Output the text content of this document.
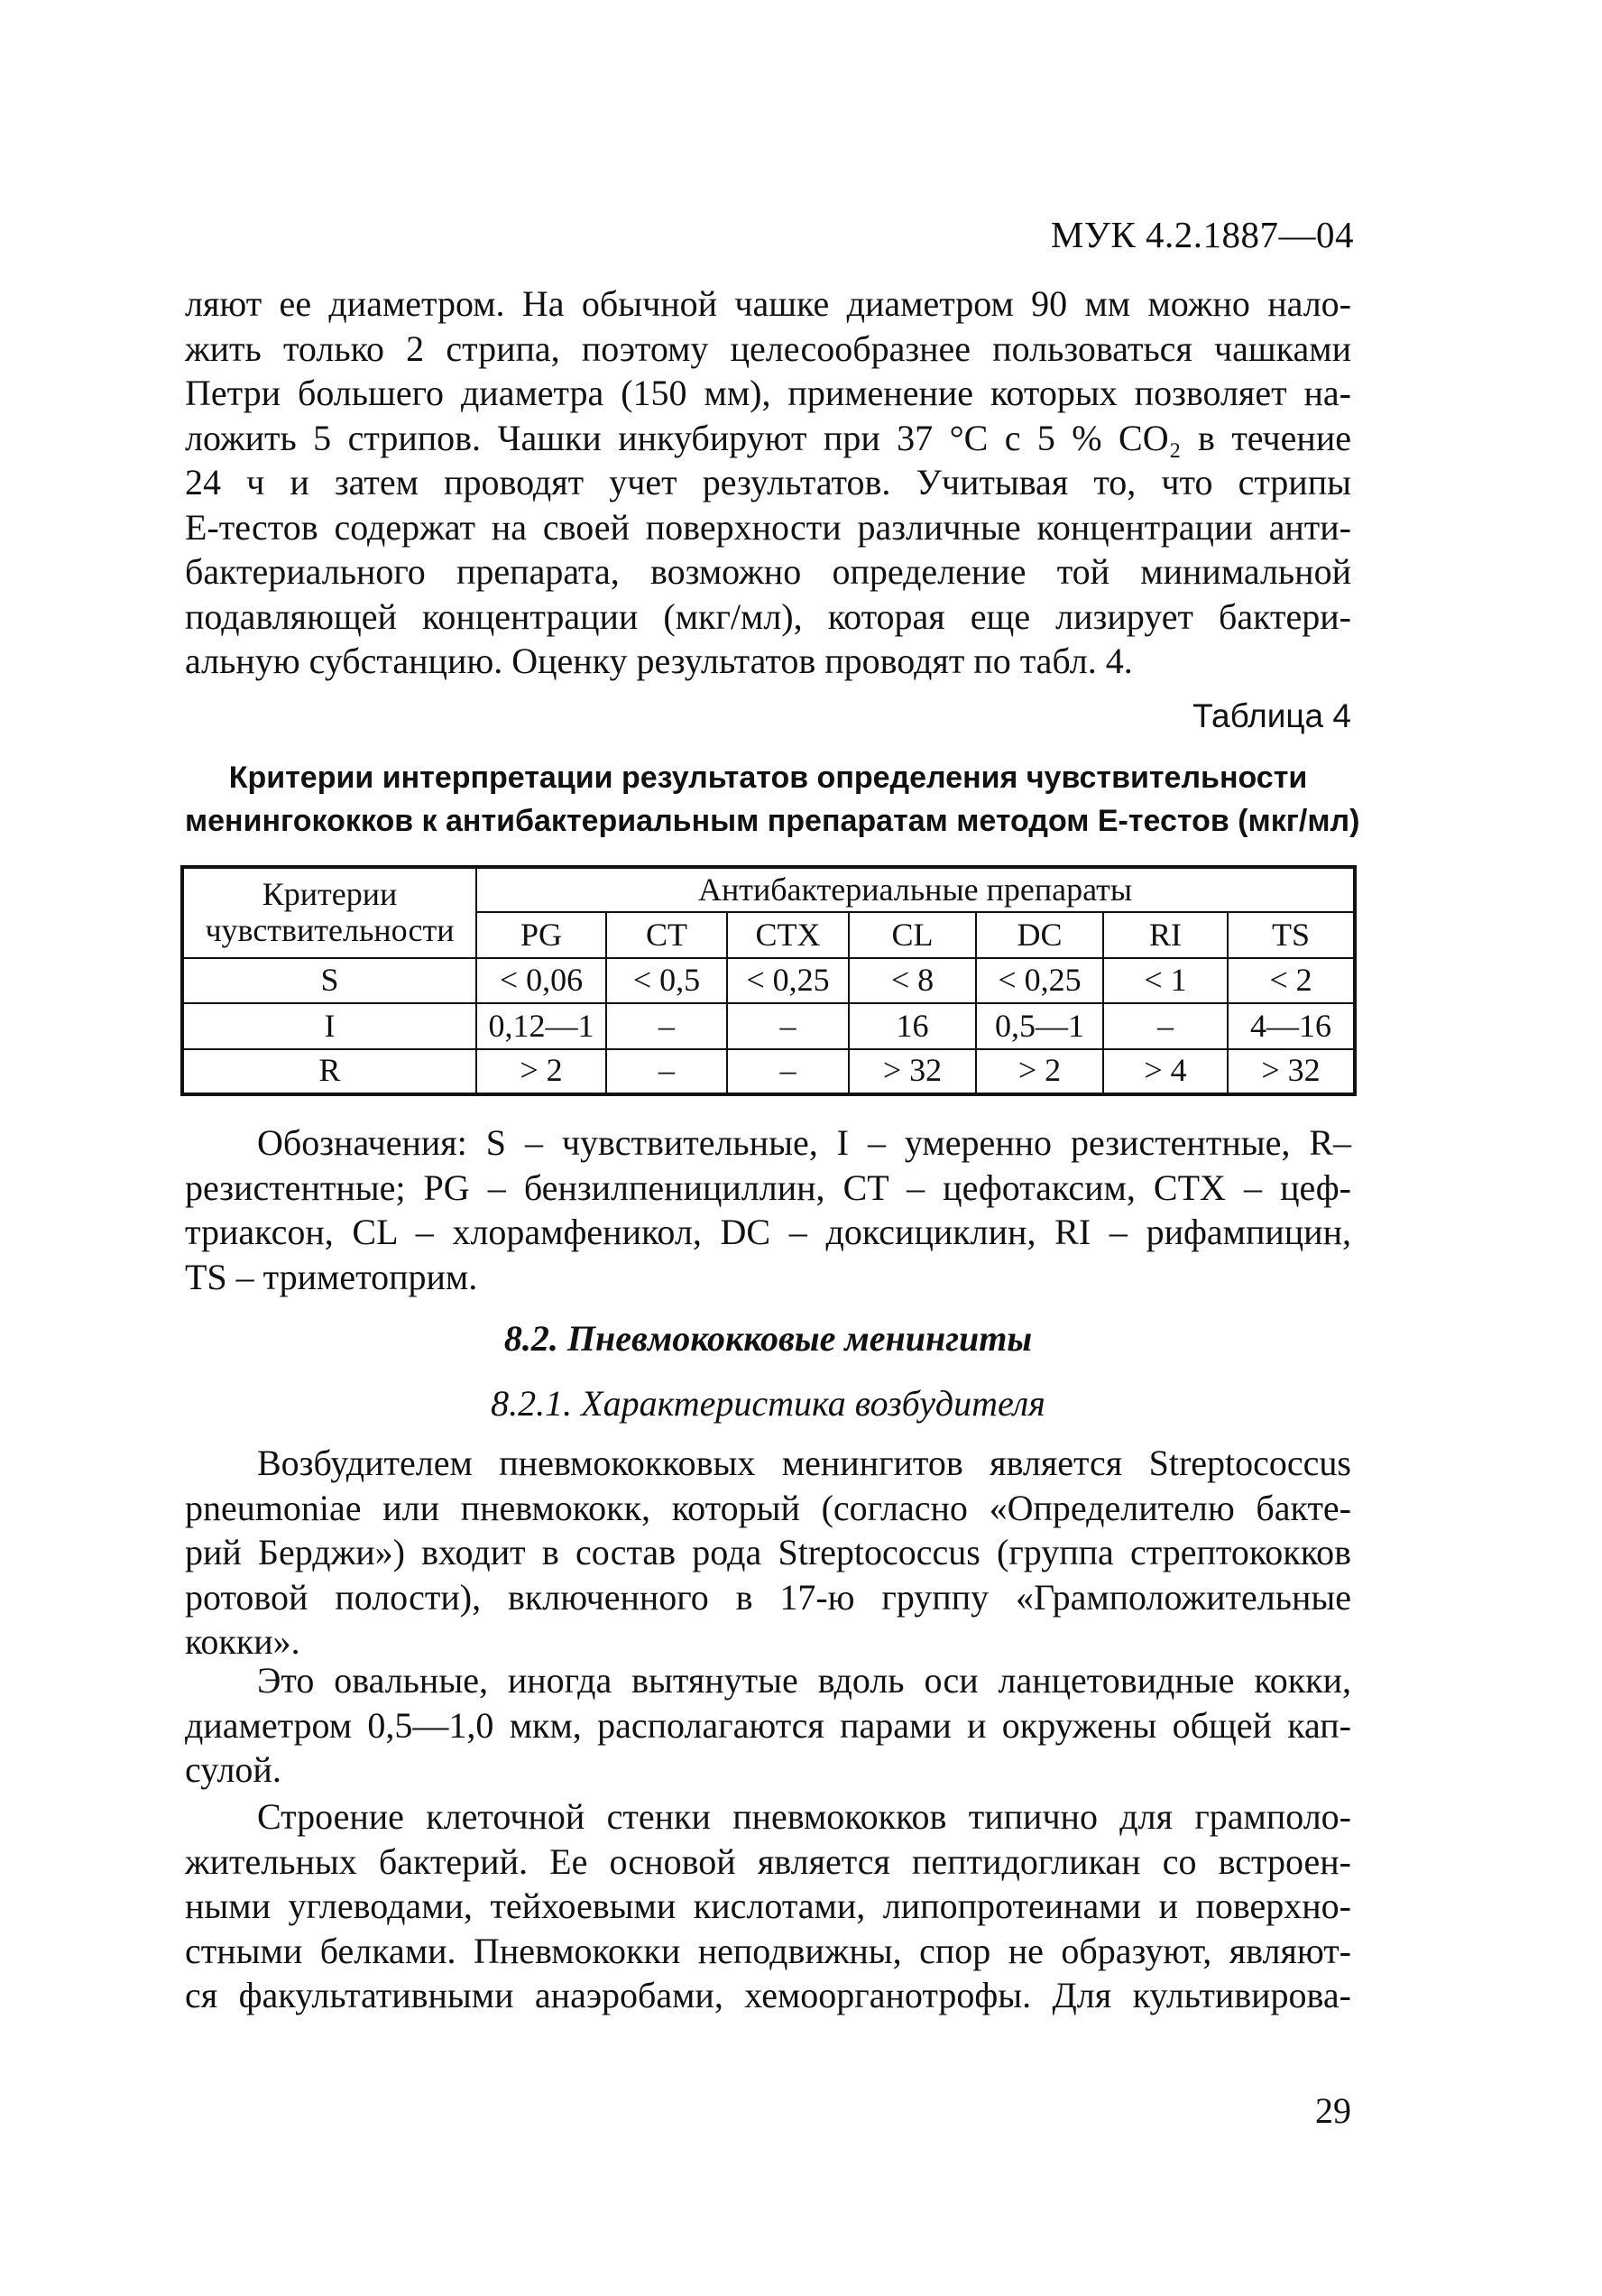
МУК 4.2.1887—04
ляют ее диаметром. На обычной чашке диаметром 90 мм можно нало-
жить только 2 стрипа, поэтому целесообразнее пользоваться чашками
Петри большего диаметра (150 мм), применение которых позволяет на-
ложить 5 стрипов. Чашки инкубируют при 37 °С с 5 % СО₂ в течение
24 ч и затем проводят учет результатов. Учитывая то, что стрипы
Е-тестов содержат на своей поверхности различные концентрации анти-
бактериального препарата, возможно определение той минимальной
подавляющей концентрации (мкг/мл), которая еще лизирует бактери-
альную субстанцию. Оценку результатов проводят по табл. 4.
Таблица 4
Критерии интерпретации результатов определения чувствительности
менингококков к антибактериальным препаратам методом Е-тестов (мкг/мл)
Критерии чувствительности	Антибактериальные препараты						
	PG	CT	CTX	CL	DC	RI	TS
S	< 0,06	< 0,5	< 0,25	< 8	< 0,25	< 1	< 2
I	0,12—1	–	–	16	0,5—1	–	4—16
R	> 2	–	–	> 32	> 2	> 4	> 32
Обозначения: S – чувствительные, I – умеренно резистентные, R–
резистентные; PG – бензилпенициллин, CT – цефотаксим, CTX – цеф-
триаксон, CL – хлорамфеникол, DC – доксициклин, RI – рифампицин,
TS – триметоприм.
8.2. Пневмококковые менингиты
8.2.1. Характеристика возбудителя
Возбудителем пневмококковых менингитов является Streptococcus
pneumoniae или пневмококк, который (согласно «Определителю бакте-
рий Берджи») входит в состав рода Streptococcus (группа стрептококков
ротовой полости), включенного в 17-ю группу «Грамположительные
кокки».
Это овальные, иногда вытянутые вдоль оси ланцетовидные кокки,
диаметром 0,5—1,0 мкм, располагаются парами и окружены общей кап-
сулой.
Строение клеточной стенки пневмококков типично для грамполо-
жительных бактерий. Ее основой является пептидогликан со встроен-
ными углеводами, тейхоевыми кислотами, липопротеинами и поверхно-
стными белками. Пневмококки неподвижны, спор не образуют, являют-
ся факультативными анаэробами, хемоорганотрофы. Для культивирова-
29
